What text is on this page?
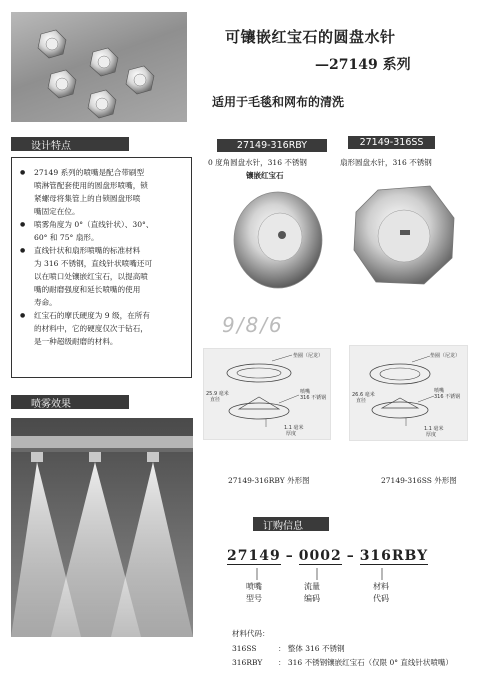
可镶嵌红宝石的圆盘水针
—27149 系列
适用于毛毯和网布的清洗
设计特点
● 27149 系列的喷嘴是配合带刷型
喷淋管配套使用的圆盘形喷嘴，锁
紧螺母将集管上的自锁圆盘形喷
嘴固定在位。
● 喷雾角度为 0°（直线针状）、30°、
60° 和 75° 扇形。
● 直线针状和扇形喷嘴的标准材料
为 316 不锈钢，直线针状喷嘴还可
以在喷口处镶嵌红宝石，以提高喷
嘴的耐磨强度和延长喷嘴的使用
寿命。
● 红宝石的摩氏硬度为 9 级，在所有
的材料中，它的硬度仅次于钻石，
是一种超级耐磨的材料。
喷雾效果
27149-316RBY	27149-316SS
0 度角圆盘水针，316 不锈钢
镶嵌红宝石
扇形圆盘水针，316 不锈钢
9/8/6
垫圈（尼龙）
喷嘴
316 不锈钢
25.9 毫米
直径
1.1 毫米
厚度
垫圈（尼龙）
喷嘴
316 不锈钢
26.6 毫米
直径
1.1 毫米
厚度
27149-316RBY 外形图	27149-316SS 外形图
订购信息
27149 – 0002 – 316RBY
喷嘴
型号
流量
编码
材料
代码
材料代码：
316SS	： 整体 316 不锈钢
316RBY ： 316 不锈钢镶嵌红宝石（仅限 0° 直线针状喷嘴）
